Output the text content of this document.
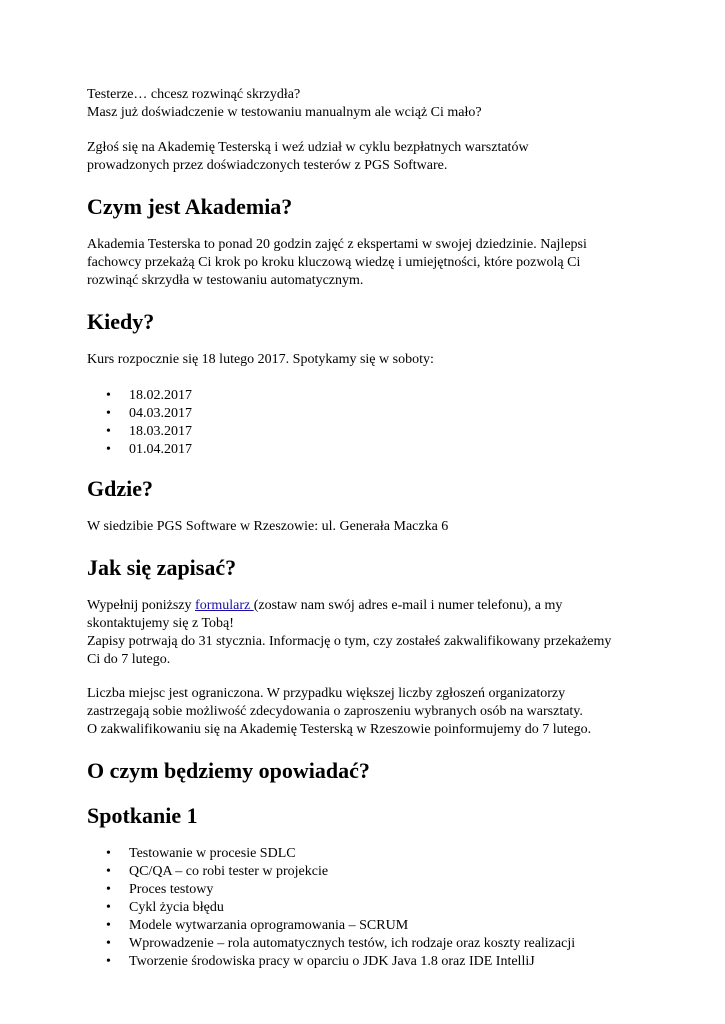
Testerze… chcesz rozwinąć skrzydła?

Masz już doświadczenie w testowaniu manualnym ale wciąż Ci mało?

Zgłoś się na Akademię Testerską i weź udział w cyklu bezpłatnych warsztatów

prowadzonych przez doświadczonych testerów z PGS Software.

Czym jest Akademia?

Akademia Testerska to ponad 20 godzin zajęć z ekspertami w swojej dziedzinie. Najlepsi

fachowcy przekażą Ci krok po kroku kluczową wiedzę i umiejętności, które pozwolą Ci

rozwinąć skrzydła w testowaniu automatycznym.

Kiedy?

Kurs rozpocznie się 18 lutego 2017. Spotykamy się w soboty:

• 18.02.2017
• 04.03.2017
• 18.03.2017
• 01.04.2017
Gdzie?

W siedzibie PGS Software w Rzeszowie: ul. Generała Maczka 6

Jak się zapisać?

Wypełnij poniższy formularz (zostaw nam swój adres e-mail i numer telefonu), a my

skontaktujemy się z Tobą!

Zapisy potrwają do 31 stycznia. Informację o tym, czy zostałeś zakwalifikowany przekażemy

Ci do 7 lutego.

Liczba miejsc jest ograniczona. W przypadku większej liczby zgłoszeń organizatorzy

zastrzegają sobie możliwość zdecydowania o zaproszeniu wybranych osób na warsztaty.

O zakwalifikowaniu się na Akademię Testerską w Rzeszowie poinformujemy do 7 lutego.

O czym będziemy opowiadać?
Spotkanie 1
• Testowanie w procesie SDLC
• QC/QA – co robi tester w projekcie
• Proces testowy
• Cykl życia błędu
• Modele wytwarzania oprogramowania – SCRUM
• Wprowadzenie – rola automatycznych testów, ich rodzaje oraz koszty realizacji
• Tworzenie środowiska pracy w oparciu o JDK Java 1.8 oraz IDE IntelliJ
